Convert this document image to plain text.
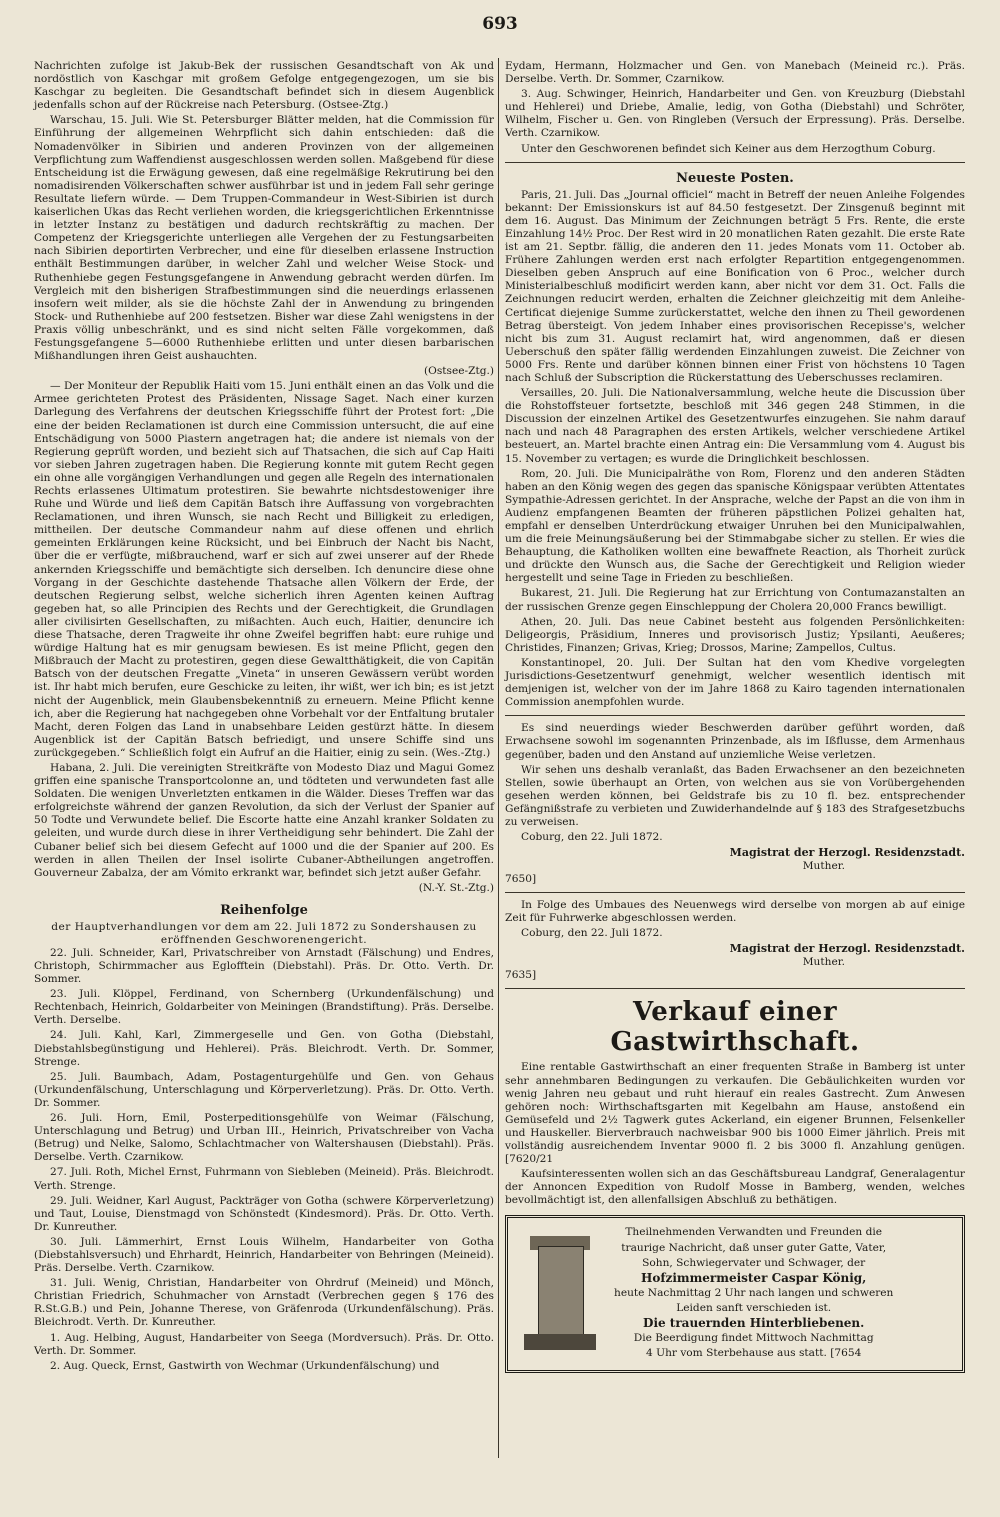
693

Nachrichten zufolge ist Jakub-Bek der russischen Gesandtschaft von Ak und nordöstlich von Kaschgar mit großem Gefolge entgegengezogen, um sie bis Kaschgar zu begleiten. Die Gesandtschaft befindet sich in diesem Augenblick jedenfalls schon auf der Rückreise nach Petersburg. (Ostsee-Ztg.)

Warschau, 15. Juli. Wie St. Petersburger Blätter melden, hat die Commission für Einführung der allgemeinen Wehrpflicht sich dahin entschieden: daß die Nomadenvölker in Sibirien und anderen Provinzen von der allgemeinen Verpflichtung zum Waffendienst ausgeschlossen werden sollen. Maßgebend für diese Entscheidung ist die Erwägung gewesen, daß eine regelmäßige Rekrutirung bei den nomadisirenden Völkerschaften schwer ausführbar ist und in jedem Fall sehr geringe Resultate liefern würde. — Dem Truppen-Commandeur in West-Sibirien ist durch kaiserlichen Ukas das Recht verliehen worden, die kriegsgerichtlichen Erkenntnisse in letzter Instanz zu bestätigen und dadurch rechtskräftig zu machen. Der Competenz der Kriegsgerichte unterliegen alle Vergehen der zu Festungsarbeiten nach Sibirien deportirten Verbrecher, und eine für dieselben erlassene Instruction enthält Bestimmungen darüber, in welcher Zahl und welcher Weise Stock- und Ruthenhiebe gegen Festungsgefangene in Anwendung gebracht werden dürfen. Im Vergleich mit den bisherigen Strafbestimmungen sind die neuerdings erlassenen insofern weit milder, als sie die höchste Zahl der in Anwendung zu bringenden Stock- und Ruthenhiebe auf 200 festsetzen. Bisher war diese Zahl wenigstens in der Praxis völlig unbeschränkt, und es sind nicht selten Fälle vorgekommen, daß Festungsgefangene 5—6000 Ruthenhiebe erlitten und unter diesen barbarischen Mißhandlungen ihren Geist aushauchten.

(Ostsee-Ztg.)

— Der Moniteur der Republik Haiti vom 15. Juni enthält einen an das Volk und die Armee gerichteten Protest des Präsidenten, Nissage Saget. Nach einer kurzen Darlegung des Verfahrens der deutschen Kriegsschiffe führt der Protest fort: „Die eine der beiden Reclamationen ist durch eine Commission untersucht, die auf eine Entschädigung von 5000 Piastern angetragen hat; die andere ist niemals von der Regierung geprüft worden, und bezieht sich auf Thatsachen, die sich auf Cap Haiti vor sieben Jahren zugetragen haben. Die Regierung konnte mit gutem Recht gegen ein ohne alle vorgängigen Verhandlungen und gegen alle Regeln des internationalen Rechts erlassenes Ultimatum protestiren. Sie bewahrte nichtsdestoweniger ihre Ruhe und Würde und ließ dem Capitän Batsch ihre Auffassung von vorgebrachten Reclamationen, und ihren Wunsch, sie nach Recht und Billigkeit zu erledigen, mittheilen. Der deutsche Commandeur nahm auf diese offenen und ehrlich gemeinten Erklärungen keine Rücksicht, und bei Einbruch der Nacht bis Nacht, über die er verfügte, mißbrauchend, warf er sich auf zwei unserer auf der Rhede ankernden Kriegsschiffe und bemächtigte sich derselben. Ich denuncire diese ohne Vorgang in der Geschichte dastehende Thatsache allen Völkern der Erde, der deutschen Regierung selbst, welche sicherlich ihren Agenten keinen Auftrag gegeben hat, so alle Principien des Rechts und der Gerechtigkeit, die Grundlagen aller civilisirten Gesellschaften, zu mißachten. Auch euch, Haitier, denuncire ich diese Thatsache, deren Tragweite ihr ohne Zweifel begriffen habt: eure ruhige und würdige Haltung hat es mir genugsam bewiesen. Es ist meine Pflicht, gegen den Mißbrauch der Macht zu protestiren, gegen diese Gewaltthätigkeit, die von Capitän Batsch von der deutschen Fregatte „Vineta“ in unseren Gewässern verübt worden ist. Ihr habt mich berufen, eure Geschicke zu leiten, ihr wißt, wer ich bin; es ist jetzt nicht der Augenblick, mein Glaubensbekenntniß zu erneuern. Meine Pflicht kenne ich, aber die Regierung hat nachgegeben ohne Vorbehalt vor der Entfaltung brutaler Macht, deren Folgen das Land in unabsehbare Leiden gestürzt hätte. In diesem Augenblick ist der Capitän Batsch befriedigt, und unsere Schiffe sind uns zurückgegeben.“ Schließlich folgt ein Aufruf an die Haitier, einig zu sein. (Wes.-Ztg.)

Habana, 2. Juli. Die vereinigten Streitkräfte von Modesto Diaz und Magui Gomez griffen eine spanische Transportcolonne an, und tödteten und verwundeten fast alle Soldaten. Die wenigen Unverletzten entkamen in die Wälder. Dieses Treffen war das erfolgreichste während der ganzen Revolution, da sich der Verlust der Spanier auf 50 Todte und Verwundete belief. Die Escorte hatte eine Anzahl kranker Soldaten zu geleiten, und wurde durch diese in ihrer Vertheidigung sehr behindert. Die Zahl der Cubaner belief sich bei diesem Gefecht auf 1000 und die der Spanier auf 200. Es werden in allen Theilen der Insel isolirte Cubaner-Abtheilungen angetroffen. Gouverneur Zabalza, der am Vómito erkrankt war, befindet sich jetzt außer Gefahr.

(N.-Y. St.-Ztg.)

Reihenfolge
der Hauptverhandlungen vor dem am 22. Juli 1872 zu Sondershausen zu eröffnenden Geschworenengericht.

22. Juli. Schneider, Karl, Privatschreiber von Arnstadt (Fälschung) und Endres, Christoph, Schirmmacher aus Eglofftein (Diebstahl). Präs. Dr. Otto. Verth. Dr. Sommer.

23. Juli. Klöppel, Ferdinand, von Schernberg (Urkundenfälschung) und Rechtenbach, Heinrich, Goldarbeiter von Meiningen (Brandstiftung). Präs. Derselbe. Verth. Derselbe.

24. Juli. Kahl, Karl, Zimmergeselle und Gen. von Gotha (Diebstahl, Diebstahlsbegünstigung und Hehlerei). Präs. Bleichrodt. Verth. Dr. Sommer, Strenge.

25. Juli. Baumbach, Adam, Postagenturgehülfe und Gen. von Gehaus (Urkundenfälschung, Unterschlagung und Körperverletzung). Präs. Dr. Otto. Verth. Dr. Sommer.

26. Juli. Horn, Emil, Posterpeditionsgehülfe von Weimar (Fälschung, Unterschlagung und Betrug) und Urban III., Heinrich, Privatschreiber von Vacha (Betrug) und Nelke, Salomo, Schlachtmacher von Waltershausen (Diebstahl). Präs. Derselbe. Verth. Czarnikow.

27. Juli. Roth, Michel Ernst, Fuhrmann von Siebleben (Meineid). Präs. Bleichrodt. Verth. Strenge.

29. Juli. Weidner, Karl August, Packträger von Gotha (schwere Körperverletzung) und Taut, Louise, Dienstmagd von Schönstedt (Kindesmord). Präs. Dr. Otto. Verth. Dr. Kunreuther.

30. Juli. Lämmerhirt, Ernst Louis Wilhelm, Handarbeiter von Gotha (Diebstahlsversuch) und Ehrhardt, Heinrich, Handarbeiter von Behringen (Meineid). Präs. Derselbe. Verth. Czarnikow.

31. Juli. Wenig, Christian, Handarbeiter von Ohrdruf (Meineid) und Mönch, Christian Friedrich, Schuhmacher von Arnstadt (Verbrechen gegen § 176 des R.St.G.B.) und Pein, Johanne Therese, von Gräfenroda (Urkundenfälschung). Präs. Bleichrodt. Verth. Dr. Kunreuther.

1. Aug. Helbing, August, Handarbeiter von Seega (Mordversuch). Präs. Dr. Otto. Verth. Dr. Sommer.

2. Aug. Queck, Ernst, Gastwirth von Wechmar (Urkundenfälschung) und

Eydam, Hermann, Holzmacher und Gen. von Manebach (Meineid rc.). Präs. Derselbe. Verth. Dr. Sommer, Czarnikow.

3. Aug. Schwinger, Heinrich, Handarbeiter und Gen. von Kreuzburg (Diebstahl und Hehlerei) und Driebe, Amalie, ledig, von Gotha (Diebstahl) und Schröter, Wilhelm, Fischer u. Gen. von Ringleben (Versuch der Erpressung). Präs. Derselbe. Verth. Czarnikow.

Unter den Geschworenen befindet sich Keiner aus dem Herzogthum Coburg.

Neueste Posten.

Paris, 21. Juli. Das „Journal officiel“ macht in Betreff der neuen Anleihe Folgendes bekannt: Der Emissionskurs ist auf 84.50 festgesetzt. Der Zinsgenuß beginnt mit dem 16. August. Das Minimum der Zeichnungen beträgt 5 Frs. Rente, die erste Einzahlung 14½ Proc. Der Rest wird in 20 monatlichen Raten gezahlt. Die erste Rate ist am 21. Septbr. fällig, die anderen den 11. jedes Monats vom 11. October ab. Frühere Zahlungen werden erst nach erfolgter Repartition entgegengenommen. Dieselben geben Anspruch auf eine Bonification von 6 Proc., welcher durch Ministerialbeschluß modificirt werden kann, aber nicht vor dem 31. Oct. Falls die Zeichnungen reducirt werden, erhalten die Zeichner gleichzeitig mit dem Anleihe-Certificat diejenige Summe zurückerstattet, welche den ihnen zu Theil gewordenen Betrag übersteigt. Von jedem Inhaber eines provisorischen Recepisse's, welcher nicht bis zum 31. August reclamirt hat, wird angenommen, daß er diesen Ueberschuß den später fällig werdenden Einzahlungen zuweist. Die Zeichner von 5000 Frs. Rente und darüber können binnen einer Frist von höchstens 10 Tagen nach Schluß der Subscription die Rückerstattung des Ueberschusses reclamiren.

Versailles, 20. Juli. Die Nationalversammlung, welche heute die Discussion über die Rohstoffsteuer fortsetzte, beschloß mit 346 gegen 248 Stimmen, in die Discussion der einzelnen Artikel des Gesetzentwurfes einzugehen. Sie nahm darauf nach und nach 48 Paragraphen des ersten Artikels, welcher verschiedene Artikel besteuert, an. Martel brachte einen Antrag ein: Die Versammlung vom 4. August bis 15. November zu vertagen; es wurde die Dringlichkeit beschlossen.

Rom, 20. Juli. Die Municipalräthe von Rom, Florenz und den anderen Städten haben an den König wegen des gegen das spanische Königspaar verübten Attentates Sympathie-Adressen gerichtet. In der Ansprache, welche der Papst an die von ihm in Audienz empfangenen Beamten der früheren päpstlichen Polizei gehalten hat, empfahl er denselben Unterdrückung etwaiger Unruhen bei den Municipalwahlen, um die freie Meinungsäußerung bei der Stimmabgabe sicher zu stellen. Er wies die Behauptung, die Katholiken wollten eine bewaffnete Reaction, als Thorheit zurück und drückte den Wunsch aus, die Sache der Gerechtigkeit und Religion wieder hergestellt und seine Tage in Frieden zu beschließen.

Bukarest, 21. Juli. Die Regierung hat zur Errichtung von Contumazanstalten an der russischen Grenze gegen Einschleppung der Cholera 20,000 Francs bewilligt.

Athen, 20. Juli. Das neue Cabinet besteht aus folgenden Persönlichkeiten: Deligeorgis, Präsidium, Inneres und provisorisch Justiz; Ypsilanti, Aeußeres; Christides, Finanzen; Grivas, Krieg; Drossos, Marine; Zampellos, Cultus.

Konstantinopel, 20. Juli. Der Sultan hat den vom Khedive vorgelegten Jurisdictions-Gesetzentwurf genehmigt, welcher wesentlich identisch mit demjenigen ist, welcher von der im Jahre 1868 zu Kairo tagenden internationalen Commission anempfohlen wurde.

Es sind neuerdings wieder Beschwerden darüber geführt worden, daß Erwachsene sowohl im sogenannten Prinzenbade, als im Ißflusse, dem Armenhaus gegenüber, baden und den Anstand auf unziemliche Weise verletzen.

Wir sehen uns deshalb veranlaßt, das Baden Erwachsener an den bezeichneten Stellen, sowie überhaupt an Orten, von welchen aus sie von Vorübergehenden gesehen werden können, bei Geldstrafe bis zu 10 fl. bez. entsprechender Gefängnißstrafe zu verbieten und Zuwiderhandelnde auf § 183 des Strafgesetzbuchs zu verweisen.

Coburg, den 22. Juli 1872.

Magistrat der Herzogl. Residenzstadt.
Muther.
7650]

In Folge des Umbaues des Neuenwegs wird derselbe von morgen ab auf einige Zeit für Fuhrwerke abgeschlossen werden.

Coburg, den 22. Juli 1872.

Magistrat der Herzogl. Residenzstadt.
Muther.
7635]
Verkauf einer Gastwirthschaft.

Eine rentable Gastwirthschaft an einer frequenten Straße in Bamberg ist unter sehr annehmbaren Bedingungen zu verkaufen. Die Gebäulichkeiten wurden vor wenig Jahren neu gebaut und ruht hierauf ein reales Gastrecht. Zum Anwesen gehören noch: Wirthschaftsgarten mit Kegelbahn am Hause, anstoßend ein Gemüsefeld und 2½ Tagwerk gutes Ackerland, ein eigener Brunnen, Felsenkeller und Hauskeller. Bierverbrauch nachweisbar 900 bis 1000 Eimer jährlich. Preis mit vollständig ausreichendem Inventar 9000 fl. 2 bis 3000 fl. Anzahlung genügen. [7620/21

Kaufsinteressenten wollen sich an das Geschäftsbureau Landgraf, Generalagentur der Annoncen Expedition von Rudolf Mosse in Bamberg, wenden, welches bevollmächtigt ist, den allenfallsigen Abschluß zu bethätigen.

Theilnehmenden Verwandten und Freunden die

traurige Nachricht, daß unser guter Gatte, Vater,

Sohn, Schwiegervater und Schwager, der

Hofzimmermeister Caspar König,

heute Nachmittag 2 Uhr nach langen und schweren

Leiden sanft verschieden ist.

Die trauernden Hinterbliebenen.

Die Beerdigung findet Mittwoch Nachmittag

4 Uhr vom Sterbehause aus statt. [7654
